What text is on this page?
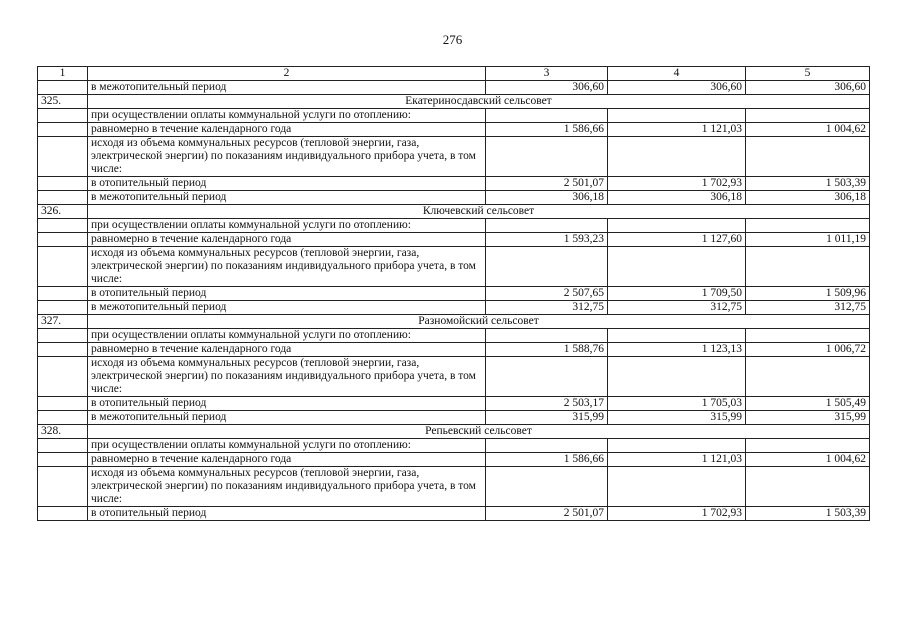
276
1	2	3	4	5
	в межотопительный период	306,60	306,60	306,60
325.	Екатериносдавский сельсовет			
	при осуществлении оплаты коммунальной услуги по отоплению:			
	равномерно в течение календарного года	1 586,66	1 121,03	1 004,62
	исходя из объема коммунальных ресурсов (тепловой энергии, газа, электрической энергии) по показаниям индивидуального прибора учета, в том числе:			
	в отопительный период	2 501,07	1 702,93	1 503,39
	в межотопительный период	306,18	306,18	306,18
326.	Ключевский сельсовет			
	при осуществлении оплаты коммунальной услуги по отоплению:			
	равномерно в течение календарного года	1 593,23	1 127,60	1 011,19
	исходя из объема коммунальных ресурсов (тепловой энергии, газа, электрической энергии) по показаниям индивидуального прибора учета, в том числе:			
	в отопительный период	2 507,65	1 709,50	1 509,96
	в межотопительный период	312,75	312,75	312,75
327.	Разномойский сельсовет			
	при осуществлении оплаты коммунальной услуги по отоплению:			
	равномерно в течение календарного года	1 588,76	1 123,13	1 006,72
	исходя из объема коммунальных ресурсов (тепловой энергии, газа, электрической энергии) по показаниям индивидуального прибора учета, в том числе:			
	в отопительный период	2 503,17	1 705,03	1 505,49
	в межотопительный период	315,99	315,99	315,99
328.	Репьевский сельсовет			
	при осуществлении оплаты коммунальной услуги по отоплению:			
	равномерно в течение календарного года	1 586,66	1 121,03	1 004,62
	исходя из объема коммунальных ресурсов (тепловой энергии, газа, электрической энергии) по показаниям индивидуального прибора учета, в том числе:			
	в отопительный период	2 501,07	1 702,93	1 503,39
